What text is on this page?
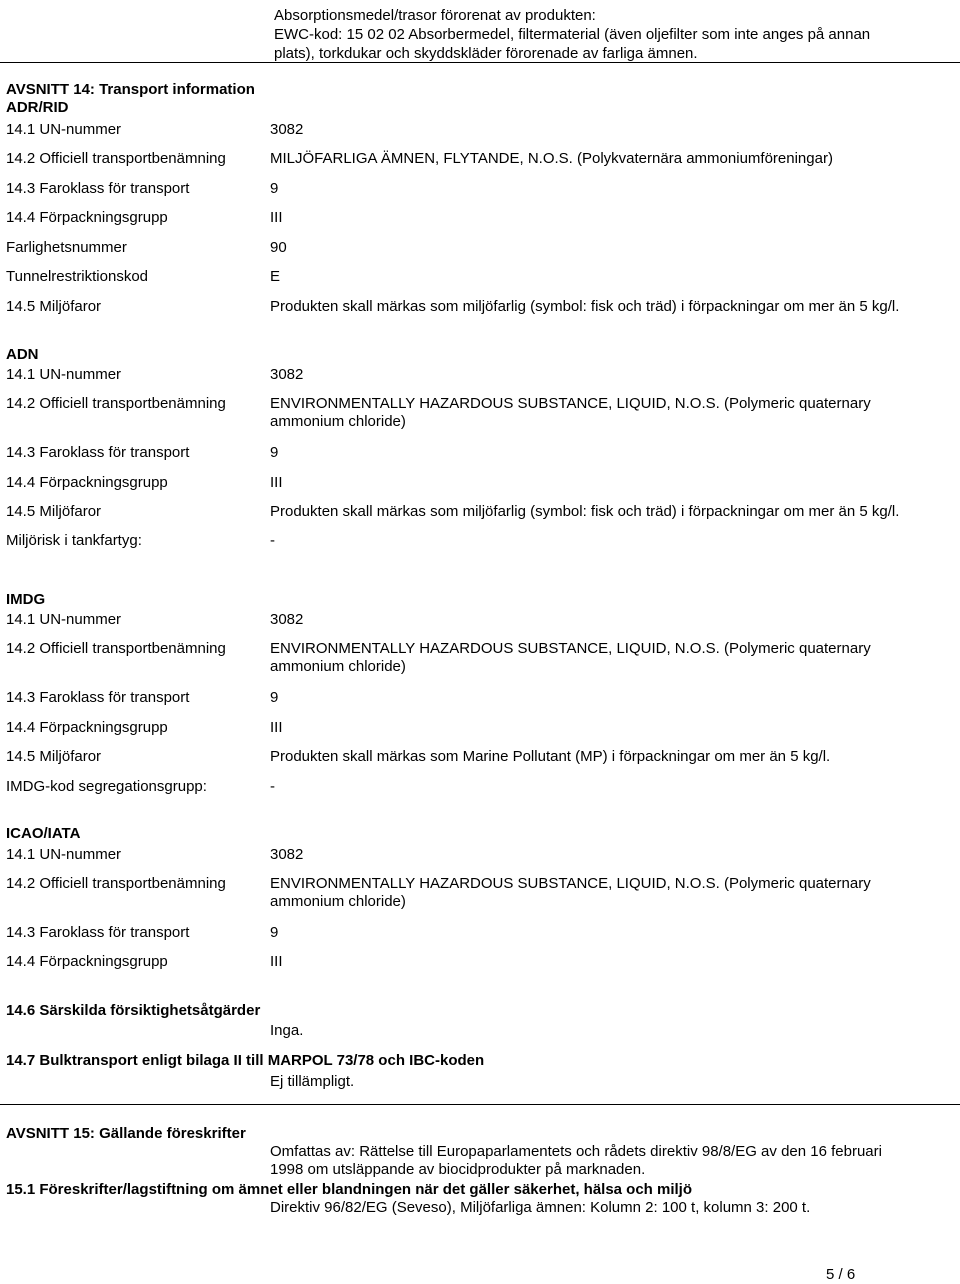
Absorptionsmedel/trasor förorenat av produkten:
EWC-kod: 15 02 02 Absorbermedel, filtermaterial (även oljefilter som inte anges på annan
plats), torkdukar och skyddskläder förorenade av farliga ämnen.
AVSNITT 14: Transport information
ADR/RID
14.1 UN-nummer	3082
14.2 Officiell transportbenämning	MILJÖFARLIGA ÄMNEN, FLYTANDE, N.O.S. (Polykvaternära ammoniumföreningar)
14.3 Faroklass för transport	9
14.4 Förpackningsgrupp	III
Farlighetsnummer	90
Tunnelrestriktionskod	E
14.5 Miljöfaror	Produkten skall märkas som miljöfarlig (symbol: fisk och träd) i förpackningar om mer än 5 kg/l.
ADN
14.1 UN-nummer	3082
14.2 Officiell transportbenämning	ENVIRONMENTALLY HAZARDOUS SUBSTANCE, LIQUID, N.O.S. (Polymeric quaternary
ammonium chloride)
14.3 Faroklass för transport	9
14.4 Förpackningsgrupp	III
14.5 Miljöfaror	Produkten skall märkas som miljöfarlig (symbol: fisk och träd) i förpackningar om mer än 5 kg/l.
Miljörisk i tankfartyg:	-
IMDG
14.1 UN-nummer	3082
14.2 Officiell transportbenämning	ENVIRONMENTALLY HAZARDOUS SUBSTANCE, LIQUID, N.O.S. (Polymeric quaternary
ammonium chloride)
14.3 Faroklass för transport	9
14.4 Förpackningsgrupp	III
14.5 Miljöfaror	Produkten skall märkas som Marine Pollutant (MP) i förpackningar om mer än 5 kg/l.
IMDG-kod segregationsgrupp:	-
ICAO/IATA
14.1 UN-nummer	3082
14.2 Officiell transportbenämning	ENVIRONMENTALLY HAZARDOUS SUBSTANCE, LIQUID, N.O.S. (Polymeric quaternary
ammonium chloride)
14.3 Faroklass för transport	9
14.4 Förpackningsgrupp	III
14.6 Särskilda försiktighetsåtgärder
Inga.
14.7 Bulktransport enligt bilaga II till MARPOL 73/78 och IBC-koden
Ej tillämpligt.
AVSNITT 15: Gällande föreskrifter
Omfattas av: Rättelse till Europaparlamentets och rådets direktiv 98/8/EG av den 16 februari
1998 om utsläppande av biocidprodukter på marknaden.
15.1 Föreskrifter/lagstiftning om ämnet eller blandningen när det gäller säkerhet, hälsa och miljö
Direktiv 96/82/EG (Seveso), Miljöfarliga ämnen: Kolumn 2: 100 t, kolumn 3: 200 t.
5 / 6
